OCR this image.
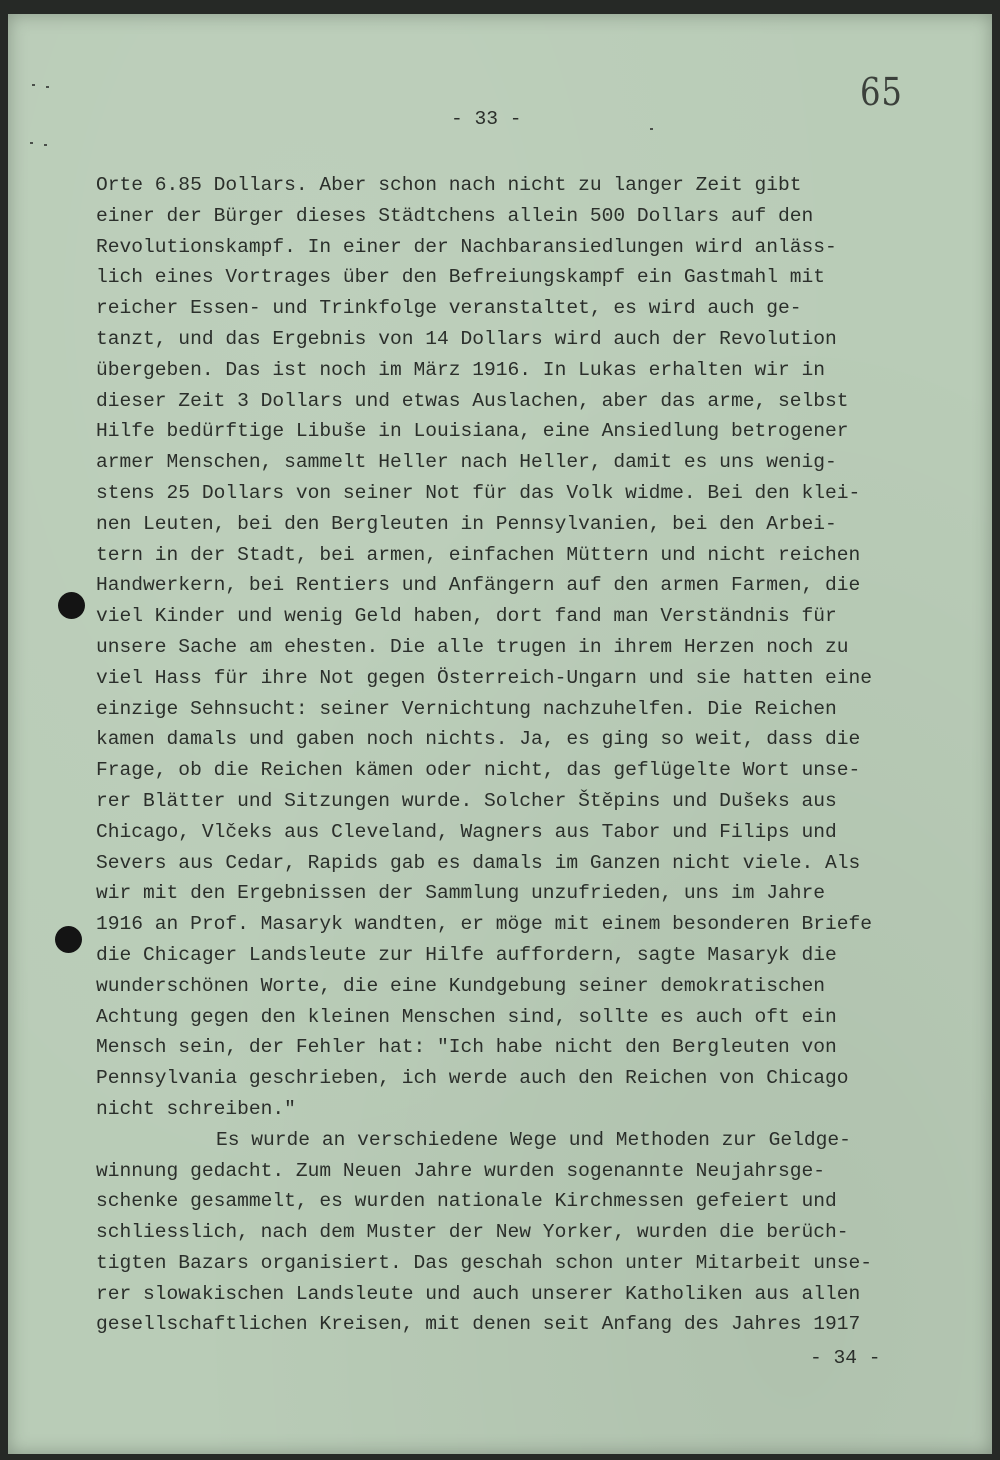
65
- 33 -
Orte 6.85 Dollars. Aber schon nach nicht zu langer Zeit gibt
einer der Bürger dieses Städtchens allein 500 Dollars auf den
Revolutionskampf. In einer der Nachbaransiedlungen wird anläss-
lich eines Vortrages über den Befreiungskampf ein Gastmahl mit
reicher Essen- und Trinkfolge veranstaltet, es wird auch ge-
tanzt, und das Ergebnis von 14 Dollars wird auch der Revolution
übergeben. Das ist noch im März 1916. In Lukas erhalten wir in
dieser Zeit 3 Dollars und etwas Auslachen, aber das arme, selbst
Hilfe bedürftige Libuše in Louisiana, eine Ansiedlung betrogener
armer Menschen, sammelt Heller nach Heller, damit es uns wenig-
stens 25 Dollars von seiner Not für das Volk widme. Bei den klei-
nen Leuten, bei den Bergleuten in Pennsylvanien, bei den Arbei-
tern in der Stadt, bei armen, einfachen Müttern und nicht reichen
Handwerkern, bei Rentiers und Anfängern auf den armen Farmen, die
viel Kinder und wenig Geld haben, dort fand man Verständnis für
unsere Sache am ehesten. Die alle trugen in ihrem Herzen noch zu
viel Hass für ihre Not gegen Österreich-Ungarn und sie hatten eine
einzige Sehnsucht: seiner Vernichtung nachzuhelfen. Die Reichen
kamen damals und gaben noch nichts. Ja, es ging so weit, dass die
Frage, ob die Reichen kämen oder nicht, das geflügelte Wort unse-
rer Blätter und Sitzungen wurde. Solcher Štěpins und Dušeks aus
Chicago, Vlčeks aus Cleveland, Wagners aus Tabor und Filips und
Severs aus Cedar, Rapids gab es damals im Ganzen nicht viele. Als
wir mit den Ergebnissen der Sammlung unzufrieden, uns im Jahre
1916 an Prof. Masaryk wandten, er möge mit einem besonderen Briefe
die Chicager Landsleute zur Hilfe auffordern, sagte Masaryk die
wunderschönen Worte, die eine Kundgebung seiner demokratischen
Achtung gegen den kleinen Menschen sind, sollte es auch oft ein
Mensch sein, der Fehler hat: "Ich habe nicht den Bergleuten von
Pennsylvania geschrieben, ich werde auch den Reichen von Chicago
nicht schreiben."
Es wurde an verschiedene Wege und Methoden zur Geldge-
winnung gedacht. Zum Neuen Jahre wurden sogenannte Neujahrsge-
schenke gesammelt, es wurden nationale Kirchmessen gefeiert und
schliesslich, nach dem Muster der New Yorker, wurden die berüch-
tigten Bazars organisiert. Das geschah schon unter Mitarbeit unse-
rer slowakischen Landsleute und auch unserer Katholiken aus allen
gesellschaftlichen Kreisen, mit denen seit Anfang des Jahres 1917
- 34 -
